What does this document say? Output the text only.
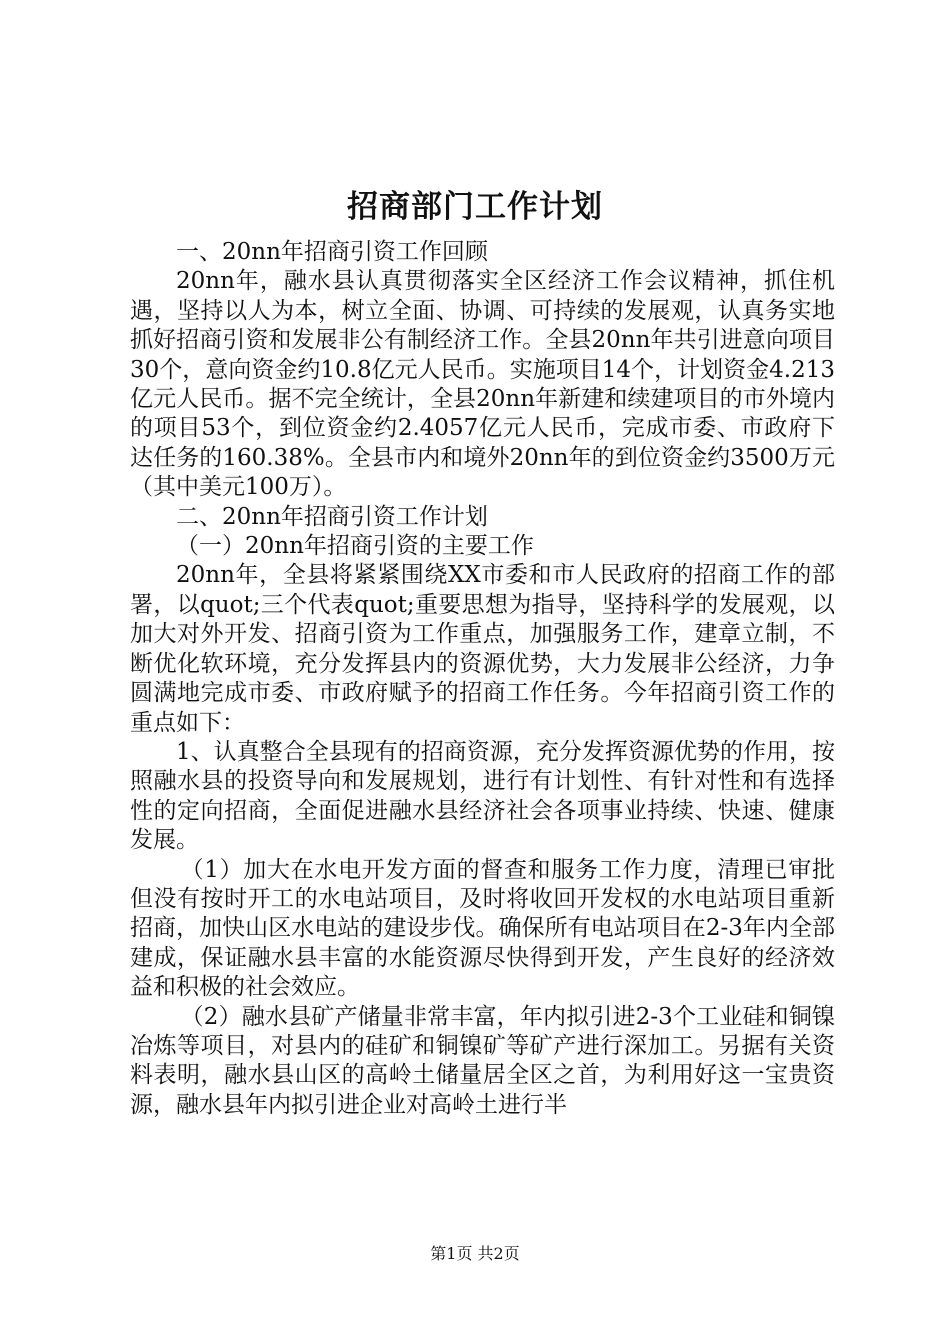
招商部门工作计划

一、20nn年招商引资工作回顾

20nn年，融水县认真贯彻落实全区经济工作会议精神，抓住机遇，坚持以人为本，树立全面、协调、可持续的发展观，认真务实地抓好招商引资和发展非公有制经济工作。全县20nn年共引进意向项目30个，意向资金约10.8亿元人民币。实施项目14个，计划资金4.213亿元人民币。据不完全统计，全县20nn年新建和续建项目的市外境内的项目53个，到位资金约2.4057亿元人民币，完成市委、市政府下达任务的160.38%。全县市内和境外20nn年的到位资金约3500万元（其中美元100万）。

二、20nn年招商引资工作计划

（一）20nn年招商引资的主要工作

20nn年，全县将紧紧围绕XX市委和市人民政府的招商工作的部署，以quot;三个代表quot;重要思想为指导，坚持科学的发展观，以加大对外开发、招商引资为工作重点，加强服务工作，建章立制，不断优化软环境，充分发挥县内的资源优势，大力发展非公经济，力争圆满地完成市委、市政府赋予的招商工作任务。今年招商引资工作的重点如下：

1、认真整合全县现有的招商资源，充分发挥资源优势的作用，按照融水县的投资导向和发展规划，进行有计划性、有针对性和有选择性的定向招商，全面促进融水县经济社会各项事业持续、快速、健康发展。

（1）加大在水电开发方面的督查和服务工作力度，清理已审批但没有按时开工的水电站项目，及时将收回开发权的水电站项目重新招商，加快山区水电站的建设步伐。确保所有电站项目在2-3年内全部建成，保证融水县丰富的水能资源尽快得到开发，产生良好的经济效益和积极的社会效应。

（2）融水县矿产储量非常丰富，年内拟引进2-3个工业硅和铜镍冶炼等项目，对县内的硅矿和铜镍矿等矿产进行深加工。另据有关资料表明，融水县山区的高岭土储量居全区之首，为利用好这一宝贵资源，融水县年内拟引进企业对高岭土进行半

第1页 共2页
